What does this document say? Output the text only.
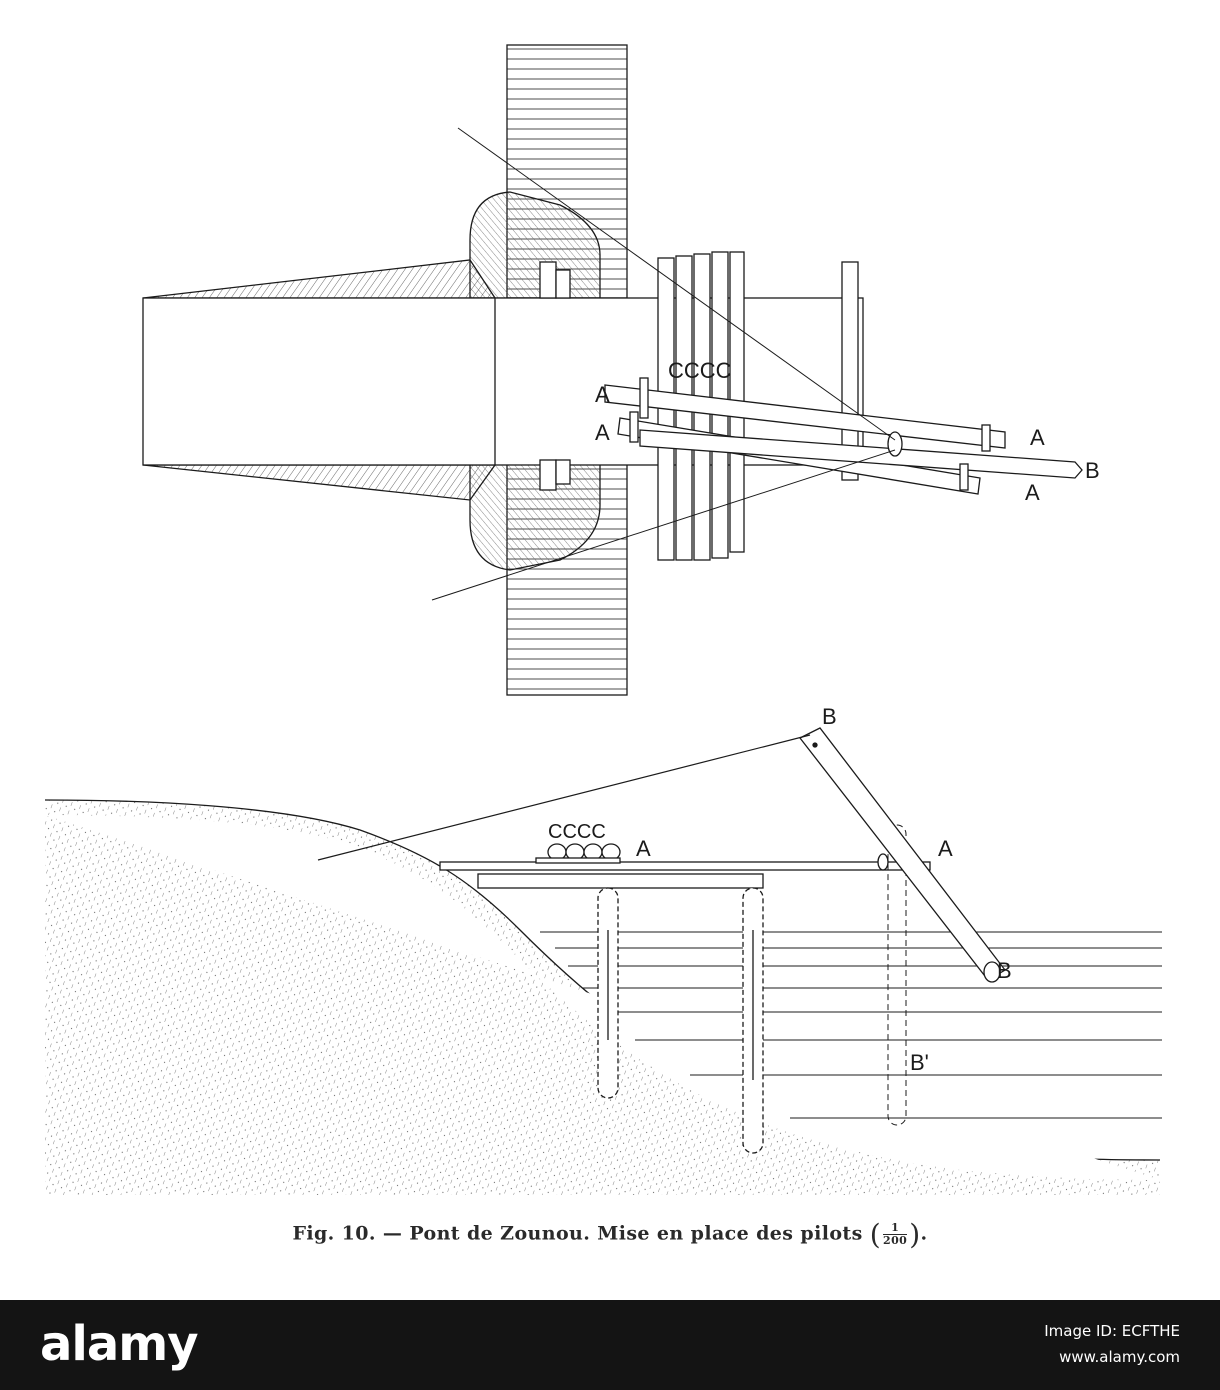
CCCC
A
A	A
B
A
B
CCCC
A	A
B
B'
Fig. 10. — Pont de Zounou. Mise en place des pilots ( $\frac{1}{200}$ ).
alamy	Image ID: ECFTHE
www.alamy.com
